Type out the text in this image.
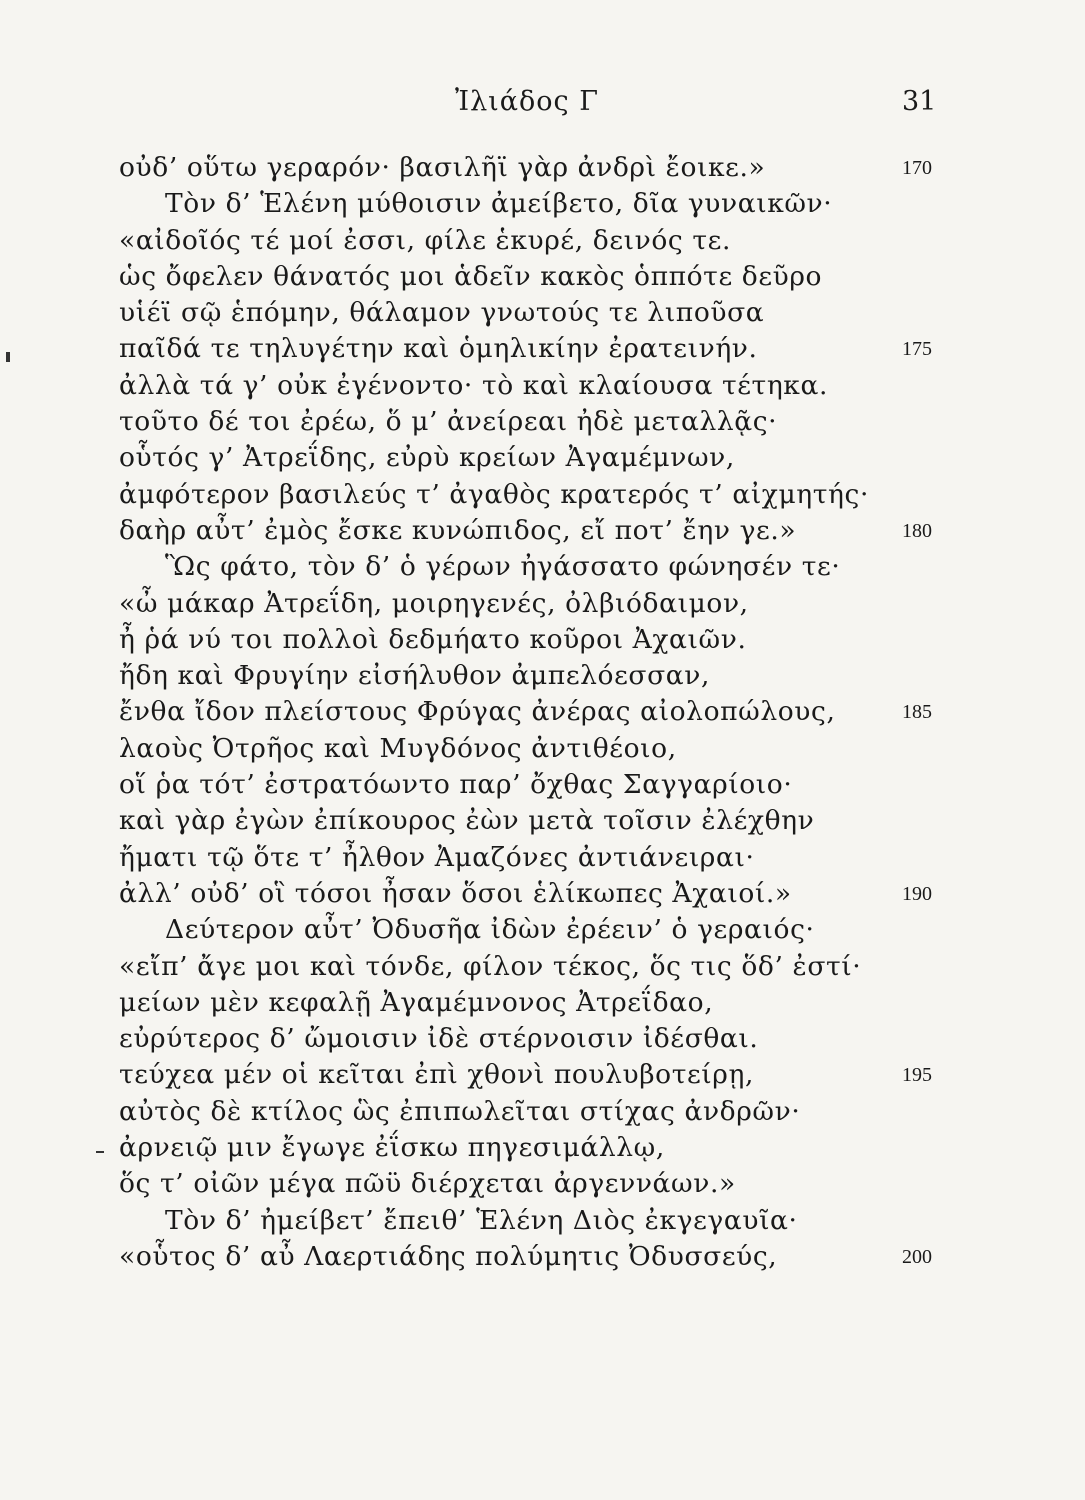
Ἰλιάδος Γ	31
οὐδ’ οὕτω γεραρόν· βασιλῆϊ γὰρ ἀνδρὶ ἔοικε.»	170
Τὸν δ’ Ἑλένη μύθοισιν ἀμείβετο, δῖα γυναικῶν·
«αἰδοῖός τέ μοί ἐσσι, φίλε ἑκυρέ, δεινός τε.
ὡς ὄφελεν θάνατός μοι ἁδεῖν κακὸς ὁππότε δεῦρο
υἱέϊ σῷ ἑπόμην, θάλαμον γνωτούς τε λιποῦσα
παῖδά τε τηλυγέτην καὶ ὁμηλικίην ἐρατεινήν.	175
ἀλλὰ τά γ’ οὐκ ἐγένοντο· τὸ καὶ κλαίουσα τέτηκα.
τοῦτο δέ τοι ἐρέω, ὅ μ’ ἀνείρεαι ἠδὲ μεταλλᾷς·
οὗτός γ’ Ἀτρεΐδης, εὐρὺ κρείων Ἀγαμέμνων,
ἀμφότερον βασιλεύς τ’ ἀγαθὸς κρατερός τ’ αἰχμητής·
δαὴρ αὖτ’ ἐμὸς ἔσκε κυνώπιδος, εἴ ποτ’ ἔην γε.»	180
Ὣς φάτο, τὸν δ’ ὁ γέρων ἠγάσσατο φώνησέν τε·
«ὦ μάκαρ Ἀτρεΐδη, μοιρηγενές, ὀλβιόδαιμον,
ἦ ῥά νύ τοι πολλοὶ δεδμήατο κοῦροι Ἀχαιῶν.
ἤδη καὶ Φρυγίην εἰσήλυθον ἀμπελόεσσαν,
ἔνθα ἴδον πλείστους Φρύγας ἀνέρας αἰολοπώλους,	185
λαοὺς Ὀτρῆος καὶ Μυγδόνος ἀντιθέοιο,
οἵ ῥα τότ’ ἐστρατόωντο παρ’ ὄχθας Σαγγαρίοιο·
καὶ γὰρ ἐγὼν ἐπίκουρος ἐὼν μετὰ τοῖσιν ἐλέχθην
ἤματι τῷ ὅτε τ’ ἦλθον Ἀμαζόνες ἀντιάνειραι·
ἀλλ’ οὐδ’ οἳ τόσοι ἦσαν ὅσοι ἑλίκωπες Ἀχαιοί.»	190
Δεύτερον αὖτ’ Ὀδυσῆα ἰδὼν ἐρέειν’ ὁ γεραιός·
«εἴπ’ ἄγε μοι καὶ τόνδε, φίλον τέκος, ὅς τις ὅδ’ ἐστί·
μείων μὲν κεφαλῇ Ἀγαμέμνονος Ἀτρεΐδαο,
εὐρύτερος δ’ ὤμοισιν ἰδὲ στέρνοισιν ἰδέσθαι.
τεύχεα μέν οἱ κεῖται ἐπὶ χθονὶ πουλυβοτείρῃ,	195
αὐτὸς δὲ κτίλος ὣς ἐπιπωλεῖται στίχας ἀνδρῶν·
ἀρνειῷ μιν ἔγωγε ἐΐσκω πηγεσιμάλλῳ,
ὅς τ’ οἰῶν μέγα πῶϋ διέρχεται ἀργεννάων.»
Τὸν δ’ ἠμείβετ’ ἔπειθ’ Ἑλένη Διὸς ἐκγεγαυῖα·
«οὗτος δ’ αὖ Λαερτιάδης πολύμητις Ὀδυσσεύς,	200
